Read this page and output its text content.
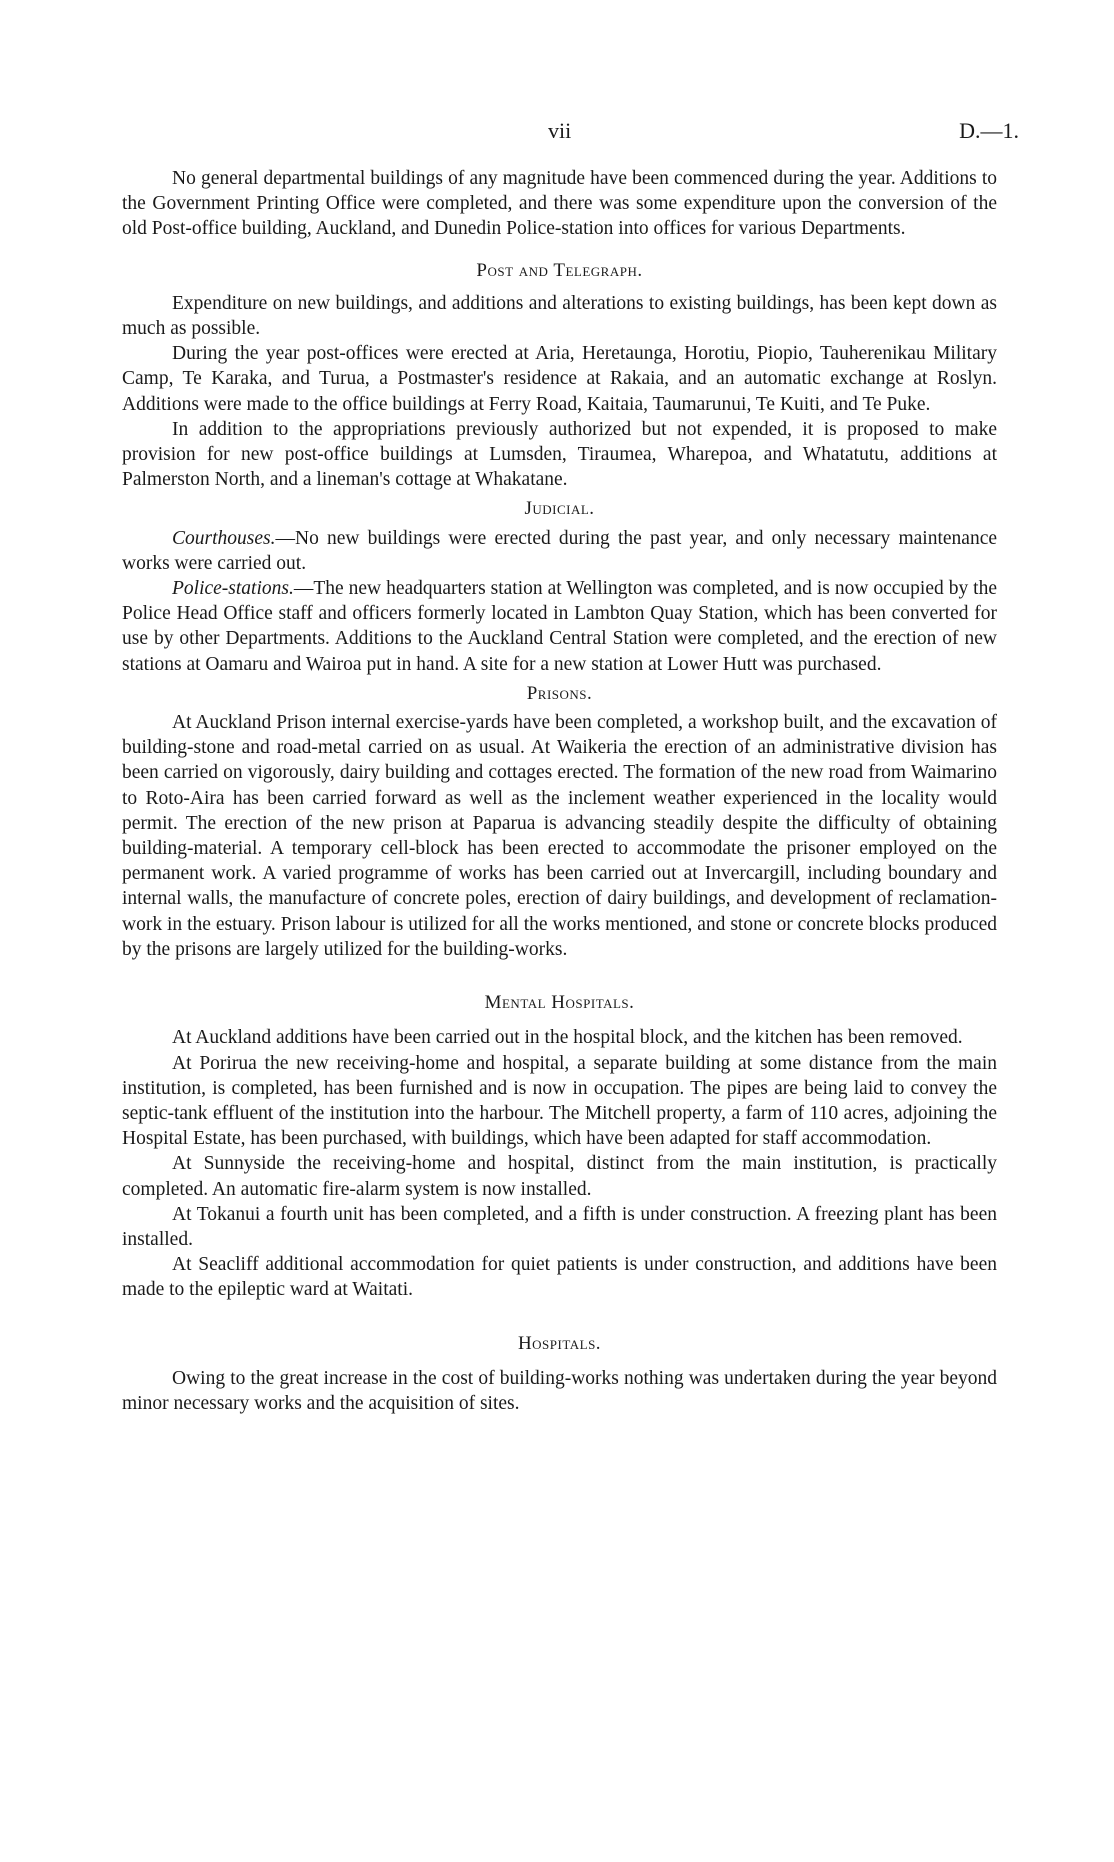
vii	D.—1.

No general departmental buildings of any magnitude have been commenced during the year. Additions to the Government Printing Office were completed, and there was some expenditure upon the conversion of the old Post-office building, Auckland, and Dunedin Police-station into offices for various Departments.

Post and Telegraph.

Expenditure on new buildings, and additions and alterations to existing buildings, has been kept down as much as possible.

During the year post-offices were erected at Aria, Heretaunga, Horotiu, Piopio, Tauherenikau Military Camp, Te Karaka, and Turua, a Postmaster's residence at Rakaia, and an automatic exchange at Roslyn. Additions were made to the office buildings at Ferry Road, Kaitaia, Taumarunui, Te Kuiti, and Te Puke.

In addition to the appropriations previously authorized but not expended, it is proposed to make provision for new post-office buildings at Lumsden, Tiraumea, Wharepoa, and Whatatutu, additions at Palmerston North, and a lineman's cottage at Whakatane.

Judicial.

Courthouses.—No new buildings were erected during the past year, and only necessary maintenance works were carried out.

Police-stations.—The new headquarters station at Wellington was completed, and is now occupied by the Police Head Office staff and officers formerly located in Lambton Quay Station, which has been converted for use by other Departments. Additions to the Auckland Central Station were completed, and the erection of new stations at Oamaru and Wairoa put in hand. A site for a new station at Lower Hutt was purchased.

Prisons.

At Auckland Prison internal exercise-yards have been completed, a workshop built, and the excavation of building-stone and road-metal carried on as usual. At Waikeria the erection of an administrative division has been carried on vigorously, dairy building and cottages erected. The formation of the new road from Waimarino to Roto-Aira has been carried forward as well as the inclement weather experienced in the locality would permit. The erection of the new prison at Paparua is advancing steadily despite the difficulty of obtaining building-material. A temporary cell-block has been erected to accommodate the prisoner employed on the permanent work. A varied programme of works has been carried out at Invercargill, including boundary and internal walls, the manufacture of concrete poles, erection of dairy buildings, and development of reclamation-work in the estuary. Prison labour is utilized for all the works mentioned, and stone or concrete blocks produced by the prisons are largely utilized for the building-works.

Mental Hospitals.

At Auckland additions have been carried out in the hospital block, and the kitchen has been removed.

At Porirua the new receiving-home and hospital, a separate building at some distance from the main institution, is completed, has been furnished and is now in occupation. The pipes are being laid to convey the septic-tank effluent of the institution into the harbour. The Mitchell property, a farm of 110 acres, adjoining the Hospital Estate, has been purchased, with buildings, which have been adapted for staff accommodation.

At Sunnyside the receiving-home and hospital, distinct from the main institution, is practically completed. An automatic fire-alarm system is now installed.

At Tokanui a fourth unit has been completed, and a fifth is under construction. A freezing plant has been installed.

At Seacliff additional accommodation for quiet patients is under construction, and additions have been made to the epileptic ward at Waitati.

Hospitals.

Owing to the great increase in the cost of building-works nothing was undertaken during the year beyond minor necessary works and the acquisition of sites.
